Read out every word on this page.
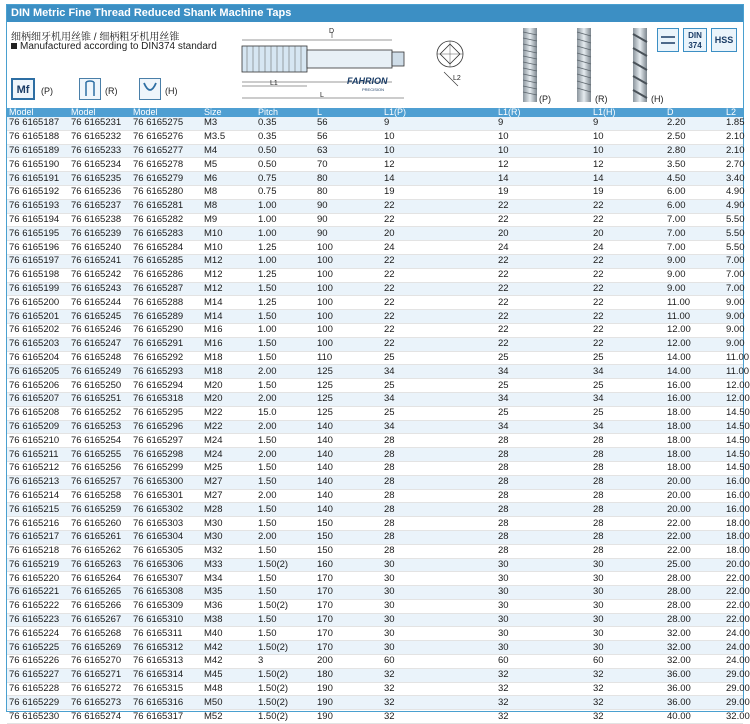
DIN Metric Fine Thread Reduced Shank Machine Taps
细柄细牙机用丝锥 / 细柄粗牙机用丝锥
Manufactured according to DIN374 standard
Mf	(P)	(R)	(H)
D
L1
L
FAHRION
PRECISION
L2
(P)	(R)	(H)
DIN 374
HSS
Model	Model	Model	Size	Pitch	L	L1(P)	L1(R)	L1(H)	D	L2
76 6165187	76 6165231	76 6165275	M3	0.35	56	9	9	9	2.20	1.85
76 6165188	76 6165232	76 6165276	M3.5	0.35	56	10	10	10	2.50	2.10
76 6165189	76 6165233	76 6165277	M4	0.50	63	10	10	10	2.80	2.10
76 6165190	76 6165234	76 6165278	M5	0.50	70	12	12	12	3.50	2.70
76 6165191	76 6165235	76 6165279	M6	0.75	80	14	14	14	4.50	3.40
76 6165192	76 6165236	76 6165280	M8	0.75	80	19	19	19	6.00	4.90
76 6165193	76 6165237	76 6165281	M8	1.00	90	22	22	22	6.00	4.90
76 6165194	76 6165238	76 6165282	M9	1.00	90	22	22	22	7.00	5.50
76 6165195	76 6165239	76 6165283	M10	1.00	90	20	20	20	7.00	5.50
76 6165196	76 6165240	76 6165284	M10	1.25	100	24	24	24	7.00	5.50
76 6165197	76 6165241	76 6165285	M12	1.00	100	22	22	22	9.00	7.00
76 6165198	76 6165242	76 6165286	M12	1.25	100	22	22	22	9.00	7.00
76 6165199	76 6165243	76 6165287	M12	1.50	100	22	22	22	9.00	7.00
76 6165200	76 6165244	76 6165288	M14	1.25	100	22	22	22	11.00	9.00
76 6165201	76 6165245	76 6165289	M14	1.50	100	22	22	22	11.00	9.00
76 6165202	76 6165246	76 6165290	M16	1.00	100	22	22	22	12.00	9.00
76 6165203	76 6165247	76 6165291	M16	1.50	100	22	22	22	12.00	9.00
76 6165204	76 6165248	76 6165292	M18	1.50	110	25	25	25	14.00	11.00
76 6165205	76 6165249	76 6165293	M18	2.00	125	34	34	34	14.00	11.00
76 6165206	76 6165250	76 6165294	M20	1.50	125	25	25	25	16.00	12.00
76 6165207	76 6165251	76 6165318	M20	2.00	125	34	34	34	16.00	12.00
76 6165208	76 6165252	76 6165295	M22	15.0	125	25	25	25	18.00	14.50
76 6165209	76 6165253	76 6165296	M22	2.00	140	34	34	34	18.00	14.50
76 6165210	76 6165254	76 6165297	M24	1.50	140	28	28	28	18.00	14.50
76 6165211	76 6165255	76 6165298	M24	2.00	140	28	28	28	18.00	14.50
76 6165212	76 6165256	76 6165299	M25	1.50	140	28	28	28	18.00	14.50
76 6165213	76 6165257	76 6165300	M27	1.50	140	28	28	28	20.00	16.00
76 6165214	76 6165258	76 6165301	M27	2.00	140	28	28	28	20.00	16.00
76 6165215	76 6165259	76 6165302	M28	1.50	140	28	28	28	20.00	16.00
76 6165216	76 6165260	76 6165303	M30	1.50	150	28	28	28	22.00	18.00
76 6165217	76 6165261	76 6165304	M30	2.00	150	28	28	28	22.00	18.00
76 6165218	76 6165262	76 6165305	M32	1.50	150	28	28	28	22.00	18.00
76 6165219	76 6165263	76 6165306	M33	1.50(2)	160	30	30	30	25.00	20.00
76 6165220	76 6165264	76 6165307	M34	1.50	170	30	30	30	28.00	22.00
76 6165221	76 6165265	76 6165308	M35	1.50	170	30	30	30	28.00	22.00
76 6165222	76 6165266	76 6165309	M36	1.50(2)	170	30	30	30	28.00	22.00
76 6165223	76 6165267	76 6165310	M38	1.50	170	30	30	30	28.00	22.00
76 6165224	76 6165268	76 6165311	M40	1.50	170	30	30	30	32.00	24.00
76 6165225	76 6165269	76 6165312	M42	1.50(2)	170	30	30	30	32.00	24.00
76 6165226	76 6165270	76 6165313	M42	3	200	60	60	60	32.00	24.00
76 6165227	76 6165271	76 6165314	M45	1.50(2)	180	32	32	32	36.00	29.00
76 6165228	76 6165272	76 6165315	M48	1.50(2)	190	32	32	32	36.00	29.00
76 6165229	76 6165273	76 6165316	M50	1.50(2)	190	32	32	32	36.00	29.00
76 6165230	76 6165274	76 6165317	M52	1.50(2)	190	32	32	32	40.00	32.00
